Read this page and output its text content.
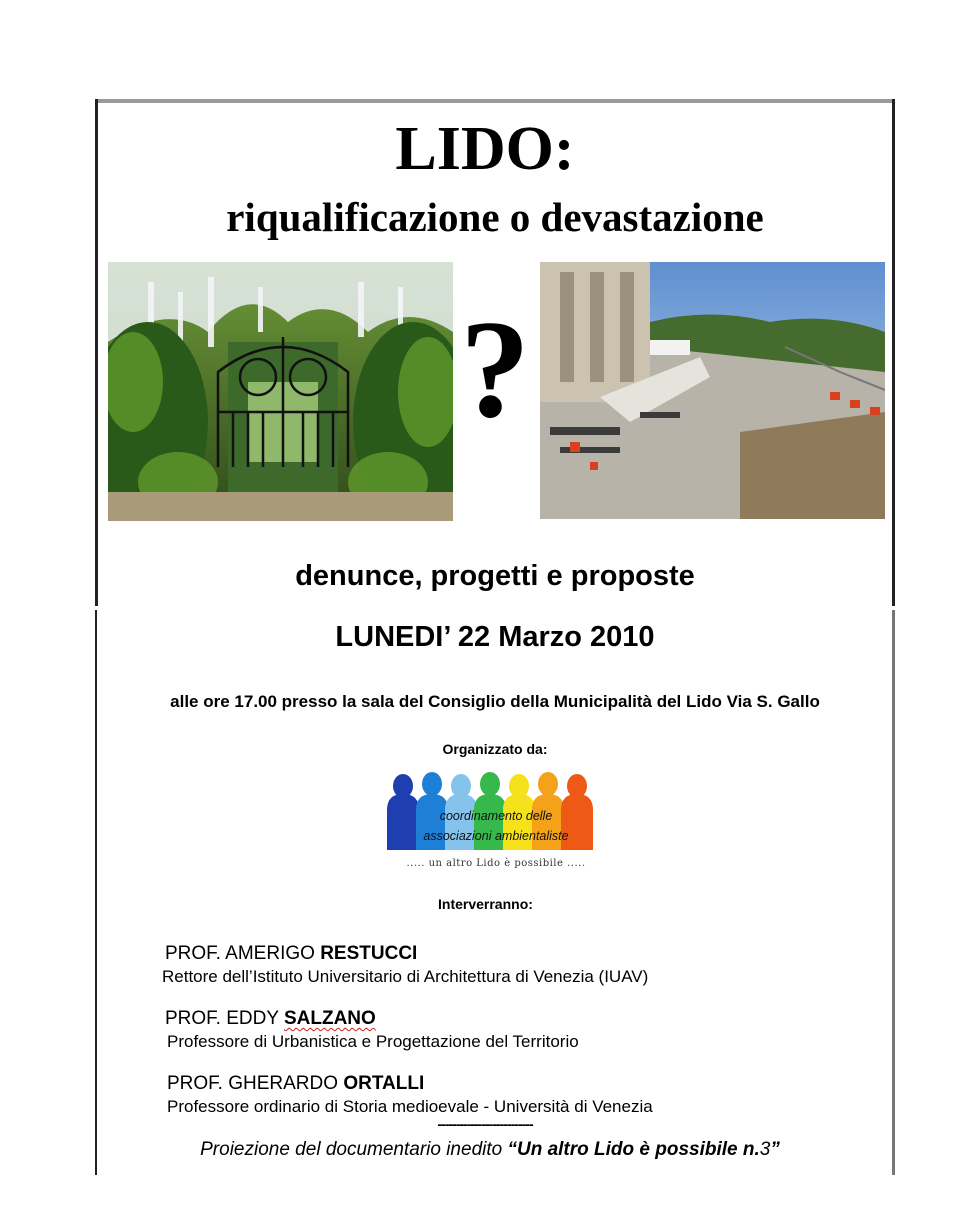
LIDO:
riqualificazione o devastazione
?
denunce, progetti e proposte
LUNEDI’ 22 Marzo 2010
alle ore 17.00 presso la sala del Consiglio della Municipalità del Lido Via S. Gallo
Organizzato da:
coordinamento delle
associazioni ambientaliste
..... un altro Lido è possibile .....
Interverranno:
PROF. AMERIGO RESTUCCI
Rettore dell’Istituto Universitario di Architettura di Venezia (IUAV)
PROF. EDDY SALZANO
Professore di Urbanistica e Progettazione del Territorio
PROF. GHERARDO ORTALLI
Professore ordinario di Storia medioevale - Università di Venezia
--------------------------
Proiezione del documentario inedito “Un altro Lido è possibile n.3”
